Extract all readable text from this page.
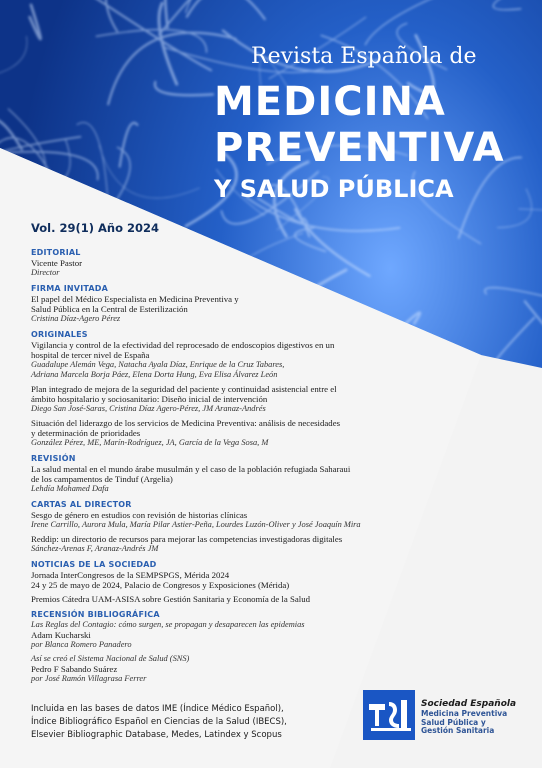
Revista Española de
MEDICINA
PREVENTIVA
Y SALUD PÚBLICA
Vol. 29(1) Año 2024
EDITORIAL
Vicente Pastor
Director
FIRMA INVITADA
El papel del Médico Especialista en Medicina Preventiva y
Salud Pública en la Central de Esterilización
Cristina Díaz-Agero Pérez
ORIGINALES
Vigilancia y control de la efectividad del reprocesado de endoscopios digestivos en un
hospital de tercer nivel de España
Guadalupe Alemán Vega, Natacha Ayala Díaz, Enrique de la Cruz Tabares,
Adriana Marcela Borja Páez, Elena Dorta Hung, Eva Elisa Álvarez León
Plan integrado de mejora de la seguridad del paciente y continuidad asistencial entre el
ámbito hospitalario y sociosanitario: Diseño inicial de intervención
Diego San José-Saras, Cristina Díaz Agero-Pérez, JM Aranaz-Andrés
Situación del liderazgo de los servicios de Medicina Preventiva: análisis de necesidades
y determinación de prioridades
González Pérez, ME, Marín-Rodríguez, JA, García de la Vega Sosa, M
REVISIÓN
La salud mental en el mundo árabe musulmán y el caso de la población refugiada Saharaui
de los campamentos de Tinduf (Argelia)
Lehdía Mohamed Dafa
CARTAS AL DIRECTOR
Sesgo de género en estudios con revisión de historias clínicas
Irene Carrillo, Aurora Mula, María Pilar Astier-Peña, Lourdes Luzón-Oliver y José Joaquín Mira
Reddip: un directorio de recursos para mejorar las competencias investigadoras digitales
Sánchez-Arenas F, Aranaz-Andrés JM
NOTICIAS DE LA SOCIEDAD
Jornada InterCongresos de la SEMPSPGS, Mérida 2024
24 y 25 de mayo de 2024, Palacio de Congresos y Exposiciones (Mérida)
Premios Cátedra UAM-ASISA sobre Gestión Sanitaria y Economía de la Salud
RECENSIÓN BIBLIOGRÁFICA
Las Reglas del Contagio: cómo surgen, se propagan y desaparecen las epidemias
Adam Kucharski
por Blanca Romero Panadero
Así se creó el Sistema Nacional de Salud (SNS)
Pedro F Sabando Suárez
por José Ramón Villagrasa Ferrer
Incluida en las bases de datos IME (Índice Médico Español),
Índice Bibliográfico Español en Ciencias de la Salud (IBECS),
Elsevier Bibliographic Database, Medes, Latindex y Scopus
Sociedad Española
Medicina Preventiva
Salud Pública y
Gestión Sanitaria
